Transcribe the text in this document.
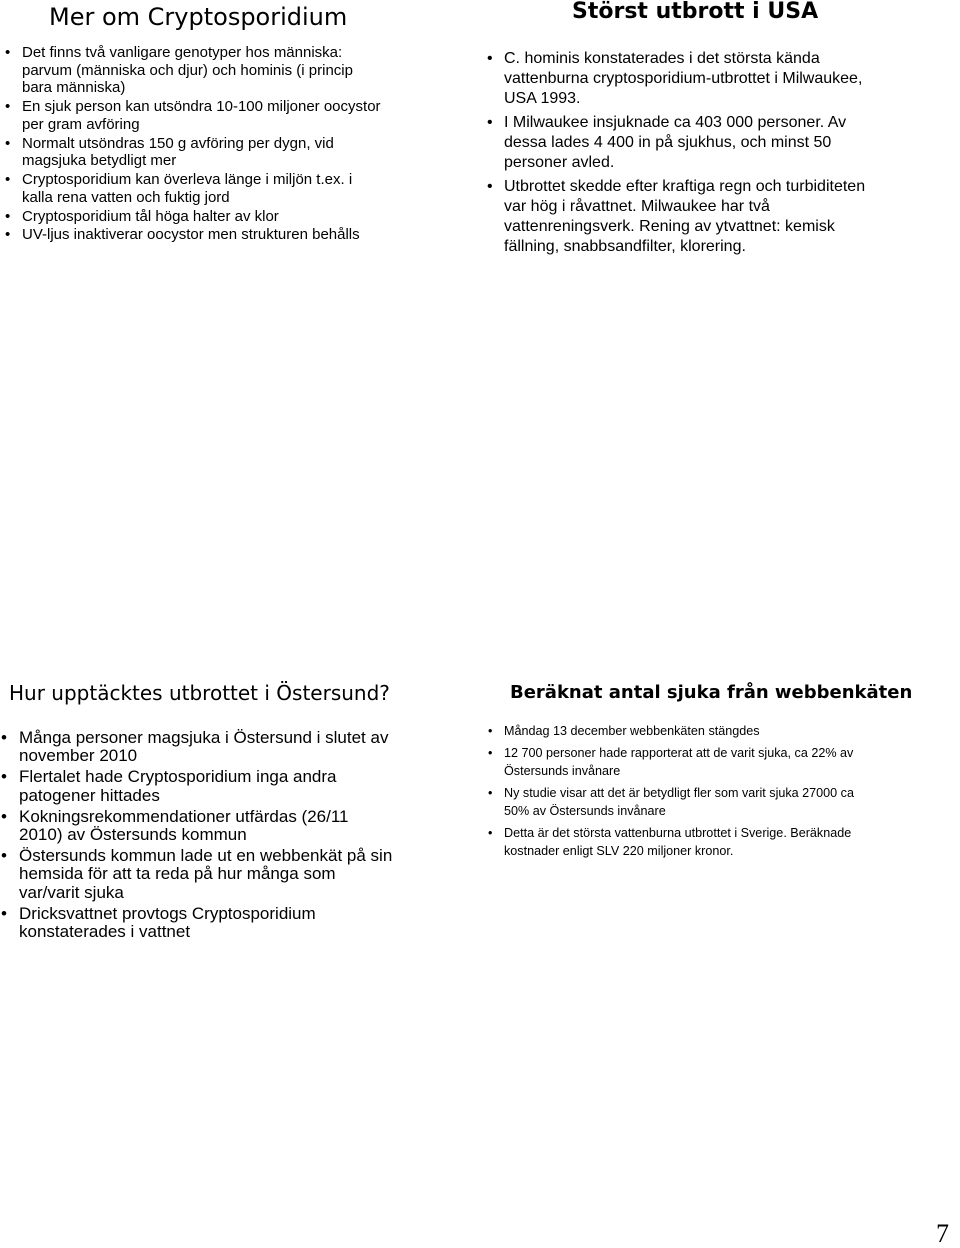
Mer om Cryptosporidium
• Det finns två vanligare genotyper hos människa: parvum (människa och djur) och hominis (i princip bara människa)
• En sjuk person kan utsöndra 10-100 miljoner oocystor per gram avföring
• Normalt utsöndras 150 g avföring per dygn, vid magsjuka betydligt mer
• Cryptosporidium kan överleva länge i miljön t.ex. i kalla rena vatten och fuktig jord
• Cryptosporidium tål höga halter av klor
• UV-ljus inaktiverar oocystor men strukturen behålls
Störst utbrott i USA
• C. hominis konstaterades i det största kända vattenburna cryptosporidium-utbrottet i Milwaukee, USA 1993.
• I Milwaukee insjuknade ca 403 000 personer. Av dessa lades 4 400 in på sjukhus, och minst 50 personer avled.
• Utbrottet skedde efter kraftiga regn och turbiditeten var hög i råvattnet. Milwaukee har två vattenreningsverk. Rening av ytvattnet: kemisk fällning, snabbsandfilter, klorering.
Hur upptäcktes utbrottet i Östersund?
• Många personer magsjuka i Östersund i slutet av november 2010
• Flertalet hade Cryptosporidium inga andra patogener hittades
• Kokningsrekommendationer utfärdas (26/11 2010) av Östersunds kommun
• Östersunds kommun lade ut en webbenkät på sin hemsida för att ta reda på hur många som var/varit sjuka
• Dricksvattnet provtogs Cryptosporidium konstaterades i vattnet
Beräknat antal sjuka från webbenkäten
• Måndag 13 december webbenkäten stängdes
• 12 700 personer hade rapporterat att de varit sjuka, ca 22% av Östersunds invånare
• Ny studie visar att det är betydligt fler som varit sjuka 27000 ca 50% av Östersunds invånare
• Detta är det största vattenburna utbrottet i Sverige. Beräknade kostnader enligt SLV 220 miljoner kronor.
7
